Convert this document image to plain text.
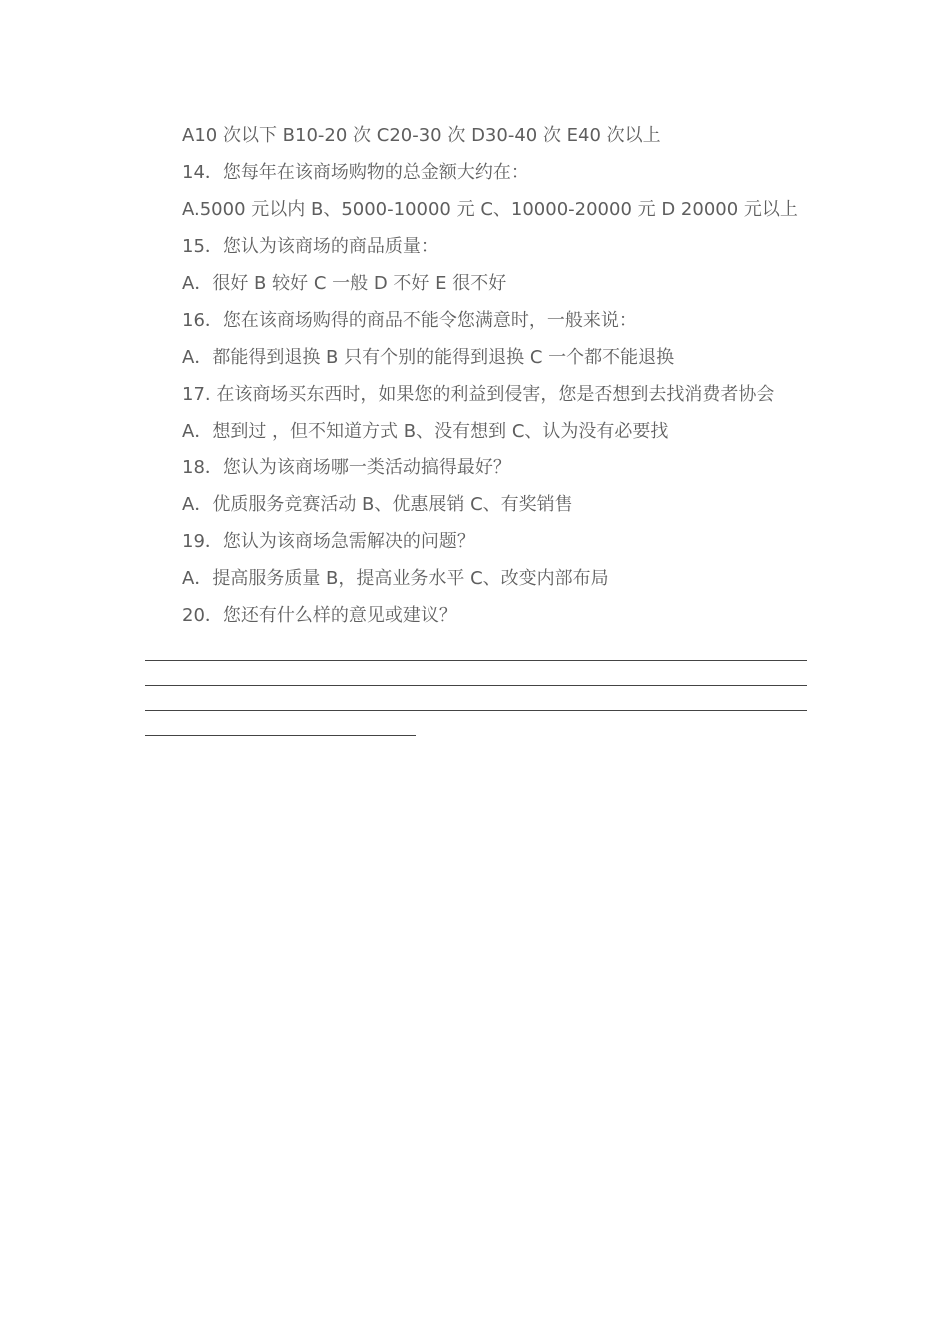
A10 次以下 B10-20 次 C20-30 次 D30-40 次 E40 次以上
14．您每年在该商场购物的总金额大约在：
A.5000 元以内 B、5000-10000 元 C、10000-20000 元 D 20000 元以上
15．您认为该商场的商品质量：
A．很好 B 较好 C 一般 D 不好 E 很不好
16．您在该商场购得的商品不能令您满意时，一般来说：
A．都能得到退换 B 只有个别的能得到退换 C 一个都不能退换
17. 在该商场买东西时，如果您的利益到侵害，您是否想到去找消费者协会
A．想到过 ，但不知道方式 B、没有想到 C、认为没有必要找
18．您认为该商场哪一类活动搞得最好？
A．优质服务竞赛活动 B、优惠展销 C、有奖销售
19．您认为该商场急需解决的问题？
A．提高服务质量 B，提高业务水平 C、改变内部布局
20．您还有什么样的意见或建议？
